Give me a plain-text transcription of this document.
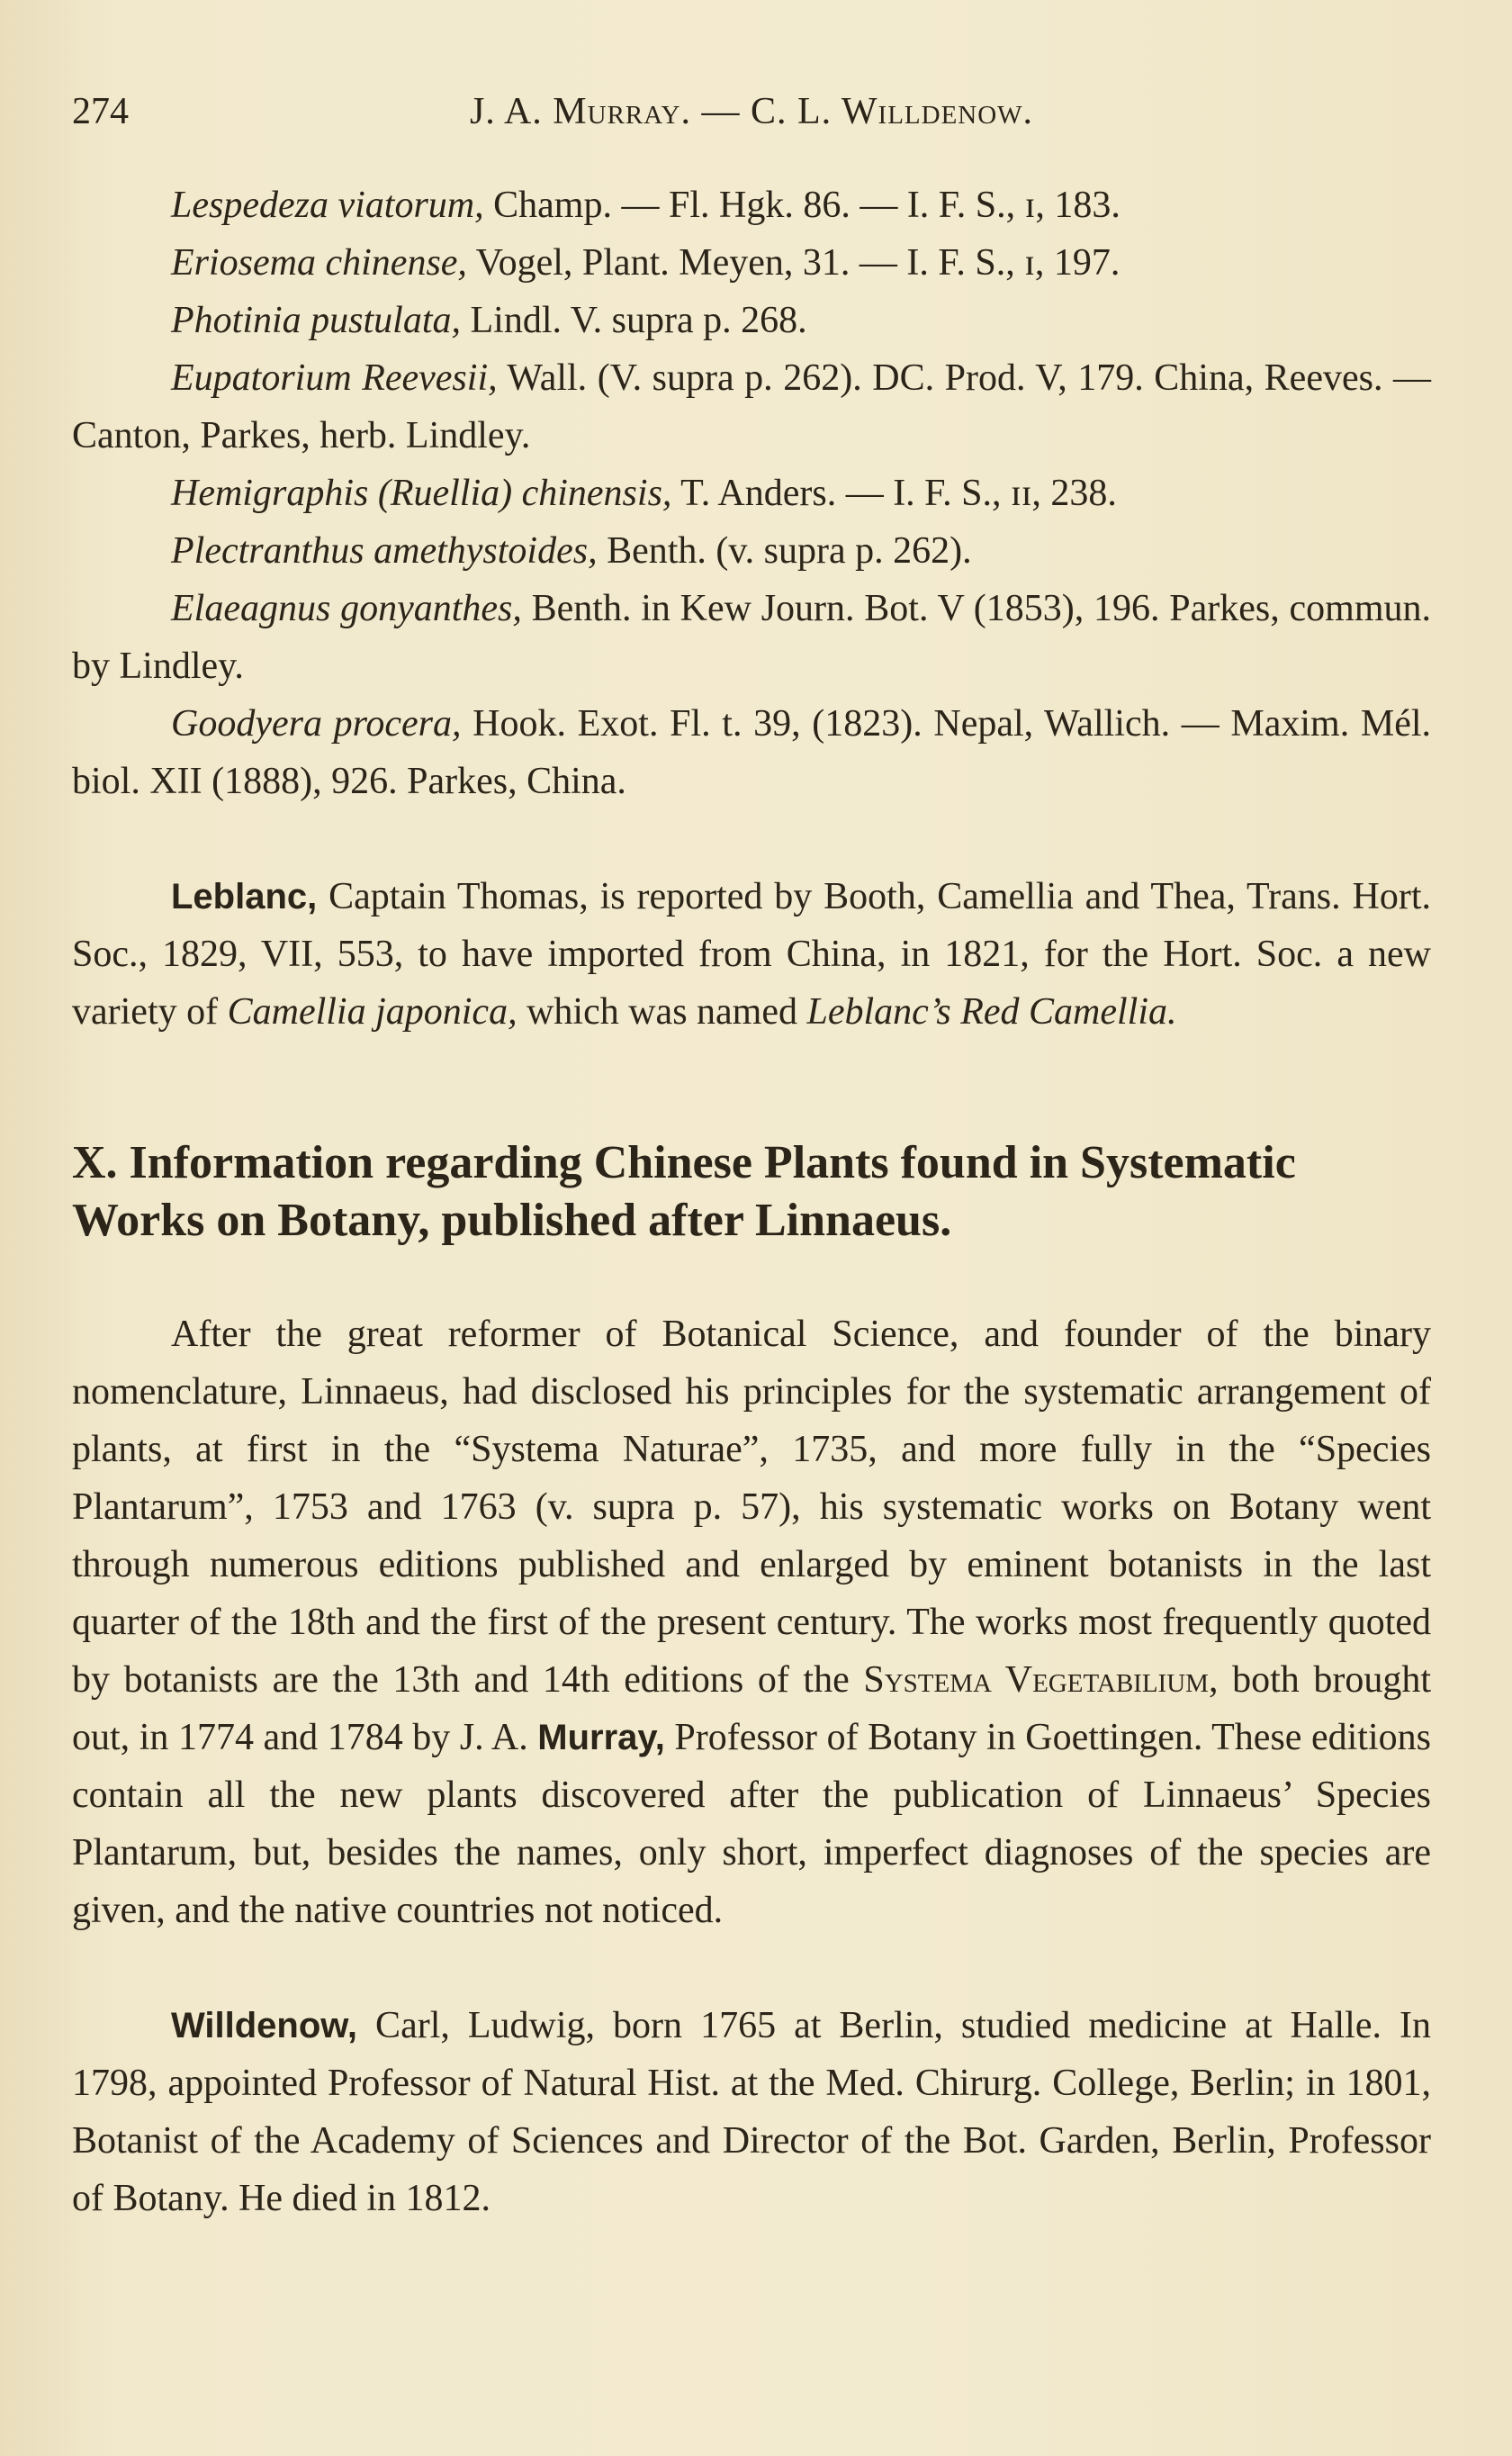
274	J. A. Murray. — C. L. Willdenow.

Lespedeza viatorum, Champ. — Fl. Hgk. 86. — I. F. S., ɪ, 183.

Eriosema chinense, Vogel, Plant. Meyen, 31. — I. F. S., ɪ, 197.

Photinia pustulata, Lindl. V. supra p. 268.

Eupatorium Reevesii, Wall. (V. supra p. 262). DC. Prod. V, 179. China, Reeves. — Canton, Parkes, herb. Lindley.

Hemigraphis (Ruellia) chinensis, T. Anders. — I. F. S., ɪɪ, 238.

Plectranthus amethystoides, Benth. (v. supra p. 262).

Elaeagnus gonyanthes, Benth. in Kew Journ. Bot. V (1853), 196. Parkes, commun. by Lindley.

Goodyera procera, Hook. Exot. Fl. t. 39, (1823). Nepal, Wallich. — Maxim. Mél. biol. XII (1888), 926. Parkes, China.

Leblanc, Captain Thomas, is reported by Booth, Camellia and Thea, Trans. Hort. Soc., 1829, VII, 553, to have imported from China, in 1821, for the Hort. Soc. a new variety of Camellia japonica, which was named Leblanc’s Red Camellia.

X. Information regarding Chinese Plants found in Systematic Works on Botany, published after Linnaeus.

After the great reformer of Botanical Science, and founder of the binary nomenclature, Linnaeus, had disclosed his principles for the systematic arrangement of plants, at first in the “Systema Naturae”, 1735, and more fully in the “Species Plantarum”, 1753 and 1763 (v. supra p. 57), his systematic works on Botany went through numerous editions published and enlarged by eminent botanists in the last quarter of the 18th and the first of the present century. The works most frequently quoted by botanists are the 13th and 14th editions of the Systema Vegetabilium, both brought out, in 1774 and 1784 by J. A. Murray, Professor of Botany in Goettingen. These editions contain all the new plants discovered after the publication of Linnaeus’ Species Plantarum, but, besides the names, only short, imperfect diagnoses of the species are given, and the native countries not noticed.

Willdenow, Carl, Ludwig, born 1765 at Berlin, studied medicine at Halle. In 1798, appointed Professor of Natural Hist. at the Med. Chirurg. College, Berlin; in 1801, Botanist of the Academy of Sciences and Director of the Bot. Garden, Berlin, Professor of Botany. He died in 1812.
